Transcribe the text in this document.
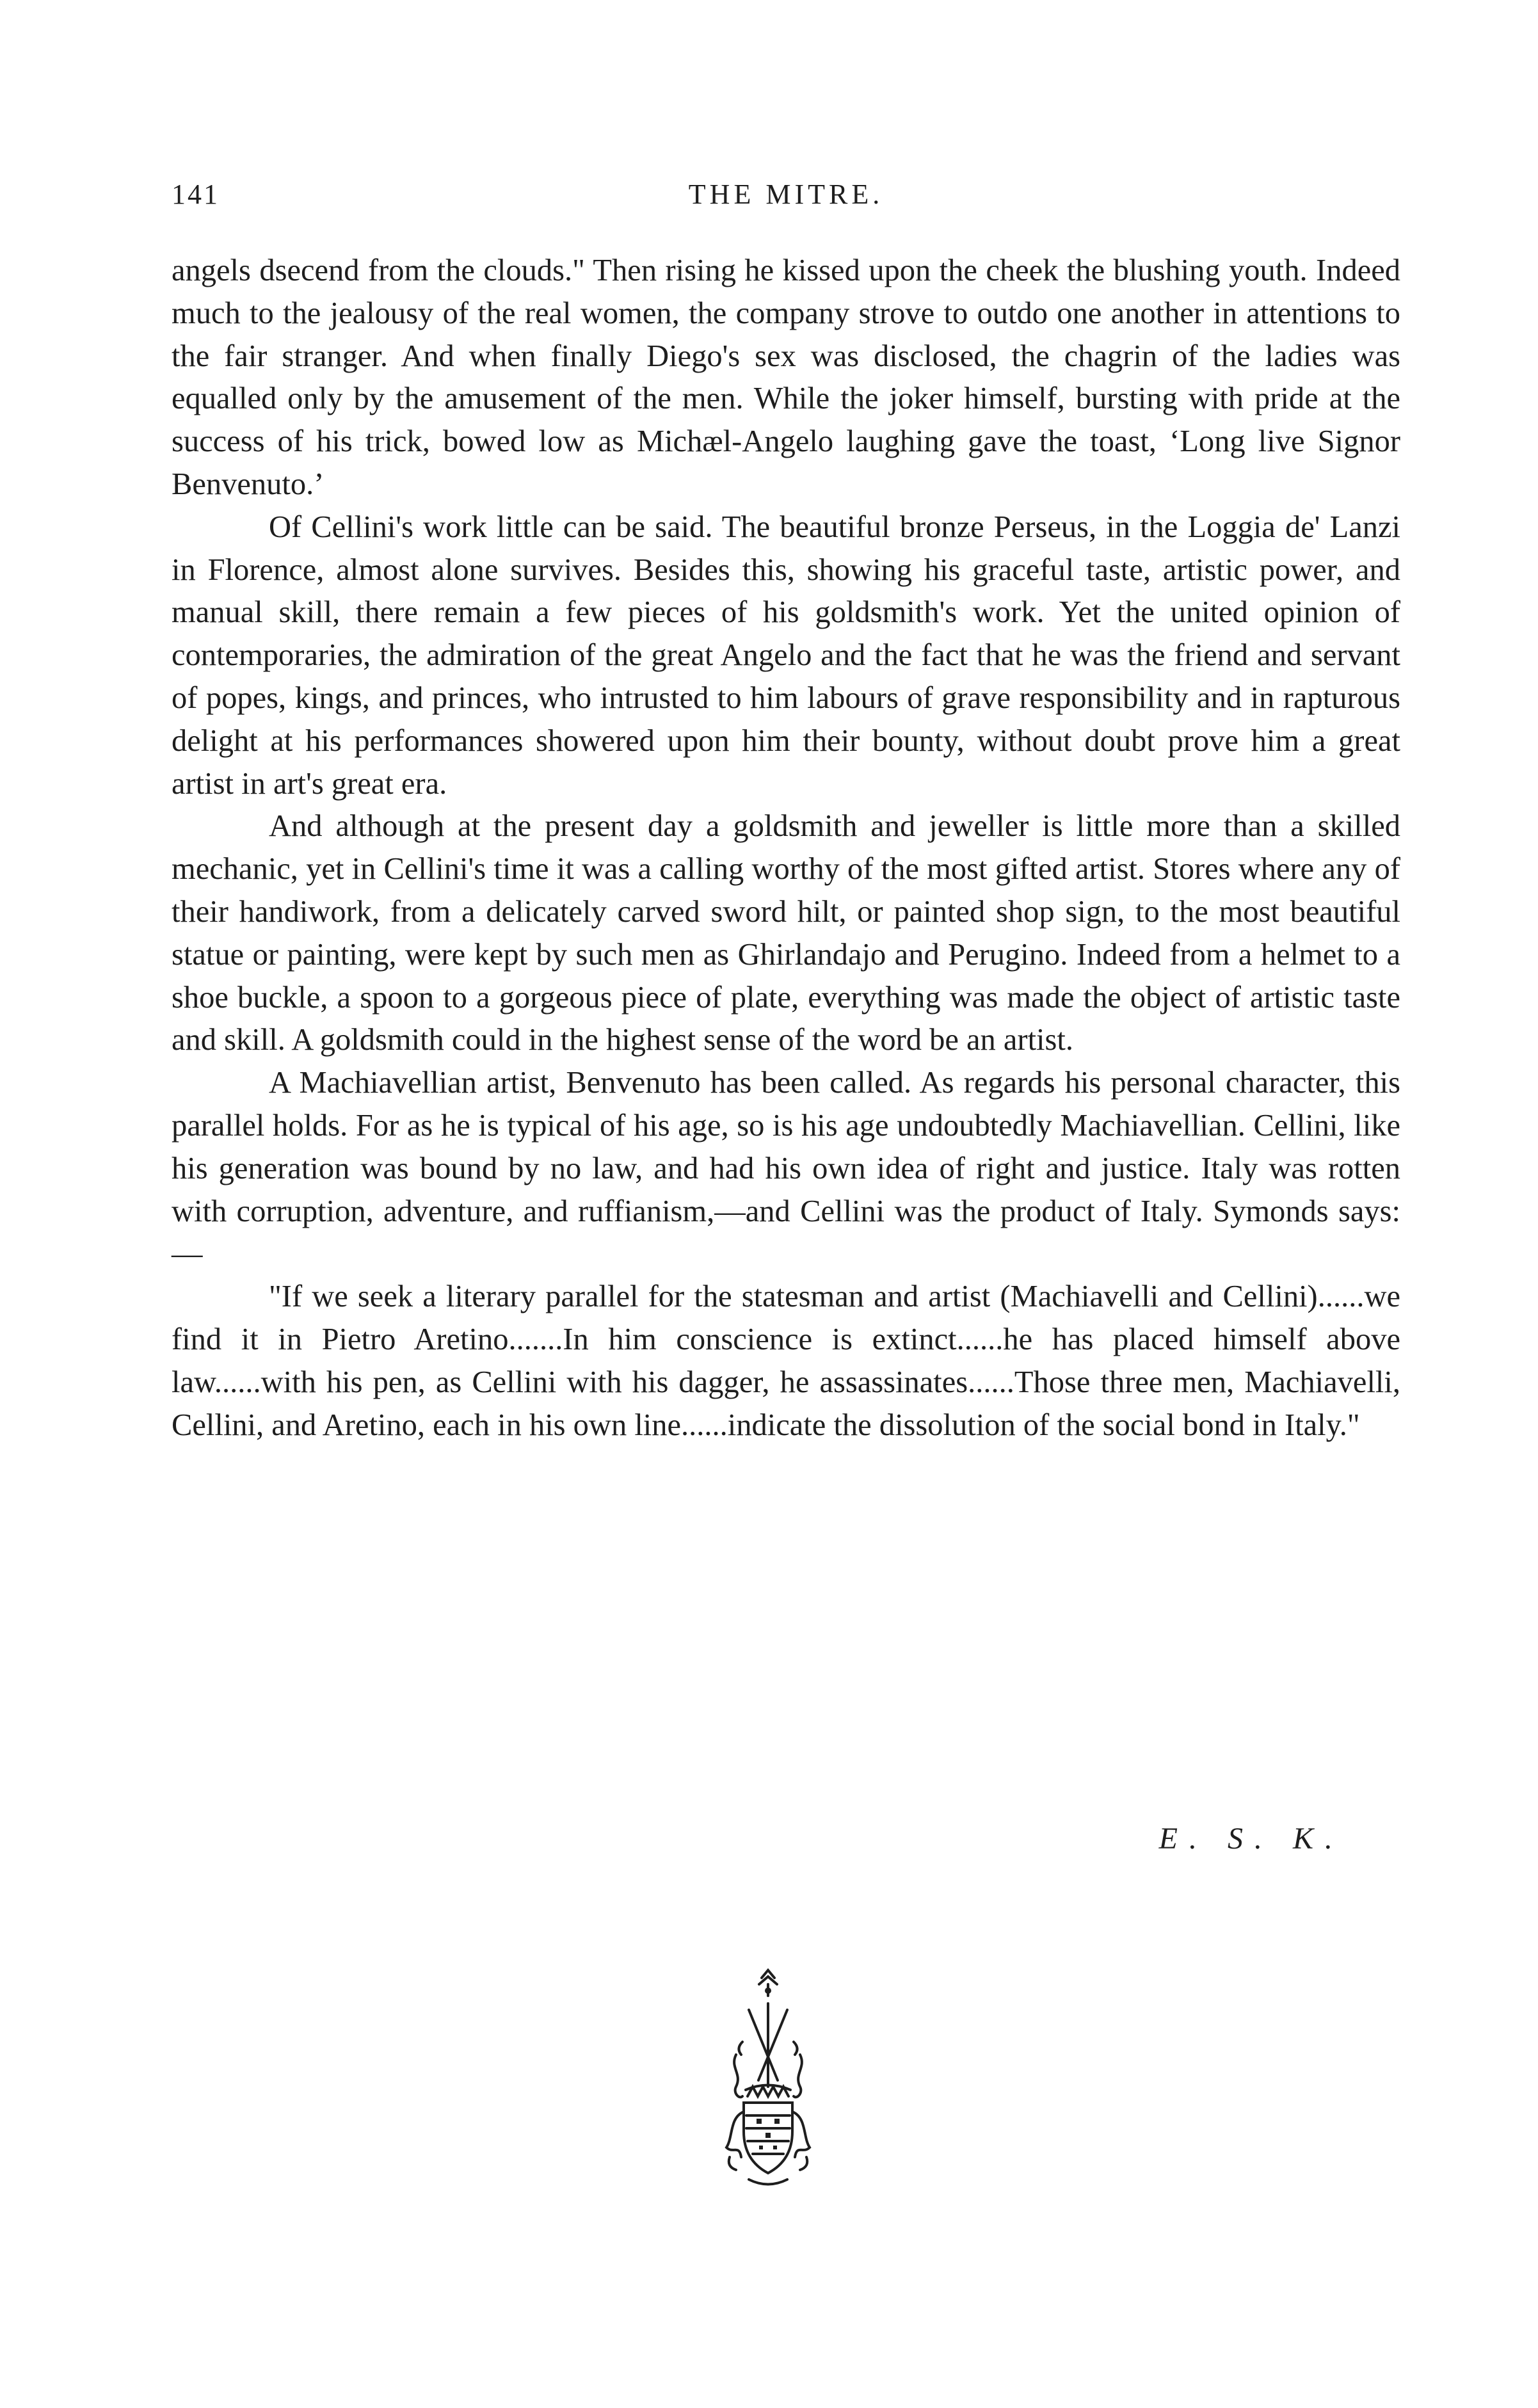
141	THE MITRE.

angels dsecend from the clouds." Then rising he kissed upon the cheek the blushing youth. Indeed much to the jealousy of the real women, the company strove to outdo one another in attentions to the fair stranger. And when finally Diego's sex was disclosed, the chagrin of the ladies was equalled only by the amusement of the men. While the joker himself, bursting with pride at the success of his trick, bowed low as Michæl-Angelo laughing gave the toast, ‘Long live Signor Benvenuto.’

Of Cellini's work little can be said. The beautiful bronze Perseus, in the Loggia de' Lanzi in Florence, almost alone survives. Besides this, showing his graceful taste, artistic power, and manual skill, there remain a few pieces of his goldsmith's work. Yet the united opinion of contemporaries, the admiration of the great Angelo and the fact that he was the friend and servant of popes, kings, and princes, who intrusted to him labours of grave responsibility and in rapturous delight at his performances showered upon him their bounty, without doubt prove him a great artist in art's great era.

And although at the present day a goldsmith and jeweller is little more than a skilled mechanic, yet in Cellini's time it was a calling worthy of the most gifted artist. Stores where any of their handiwork, from a delicately carved sword hilt, or painted shop sign, to the most beautiful statue or painting, were kept by such men as Ghirlandajo and Perugino. Indeed from a helmet to a shoe buckle, a spoon to a gorgeous piece of plate, everything was made the object of artistic taste and skill. A goldsmith could in the highest sense of the word be an artist.

A Machiavellian artist, Benvenuto has been called. As regards his personal character, this parallel holds. For as he is typical of his age, so is his age undoubtedly Machiavellian. Cellini, like his generation was bound by no law, and had his own idea of right and justice. Italy was rotten with corruption, adventure, and ruffianism,—and Cellini was the product of Italy. Symonds says:—

"If we seek a literary parallel for the statesman and artist (Machiavelli and Cellini)......we find it in Pietro Aretino.......In him conscience is extinct......he has placed himself above law......with his pen, as Cellini with his dagger, he assassinates......Those three men, Machiavelli, Cellini, and Aretino, each in his own line......indicate the dissolution of the social bond in Italy."

E. S. K.
